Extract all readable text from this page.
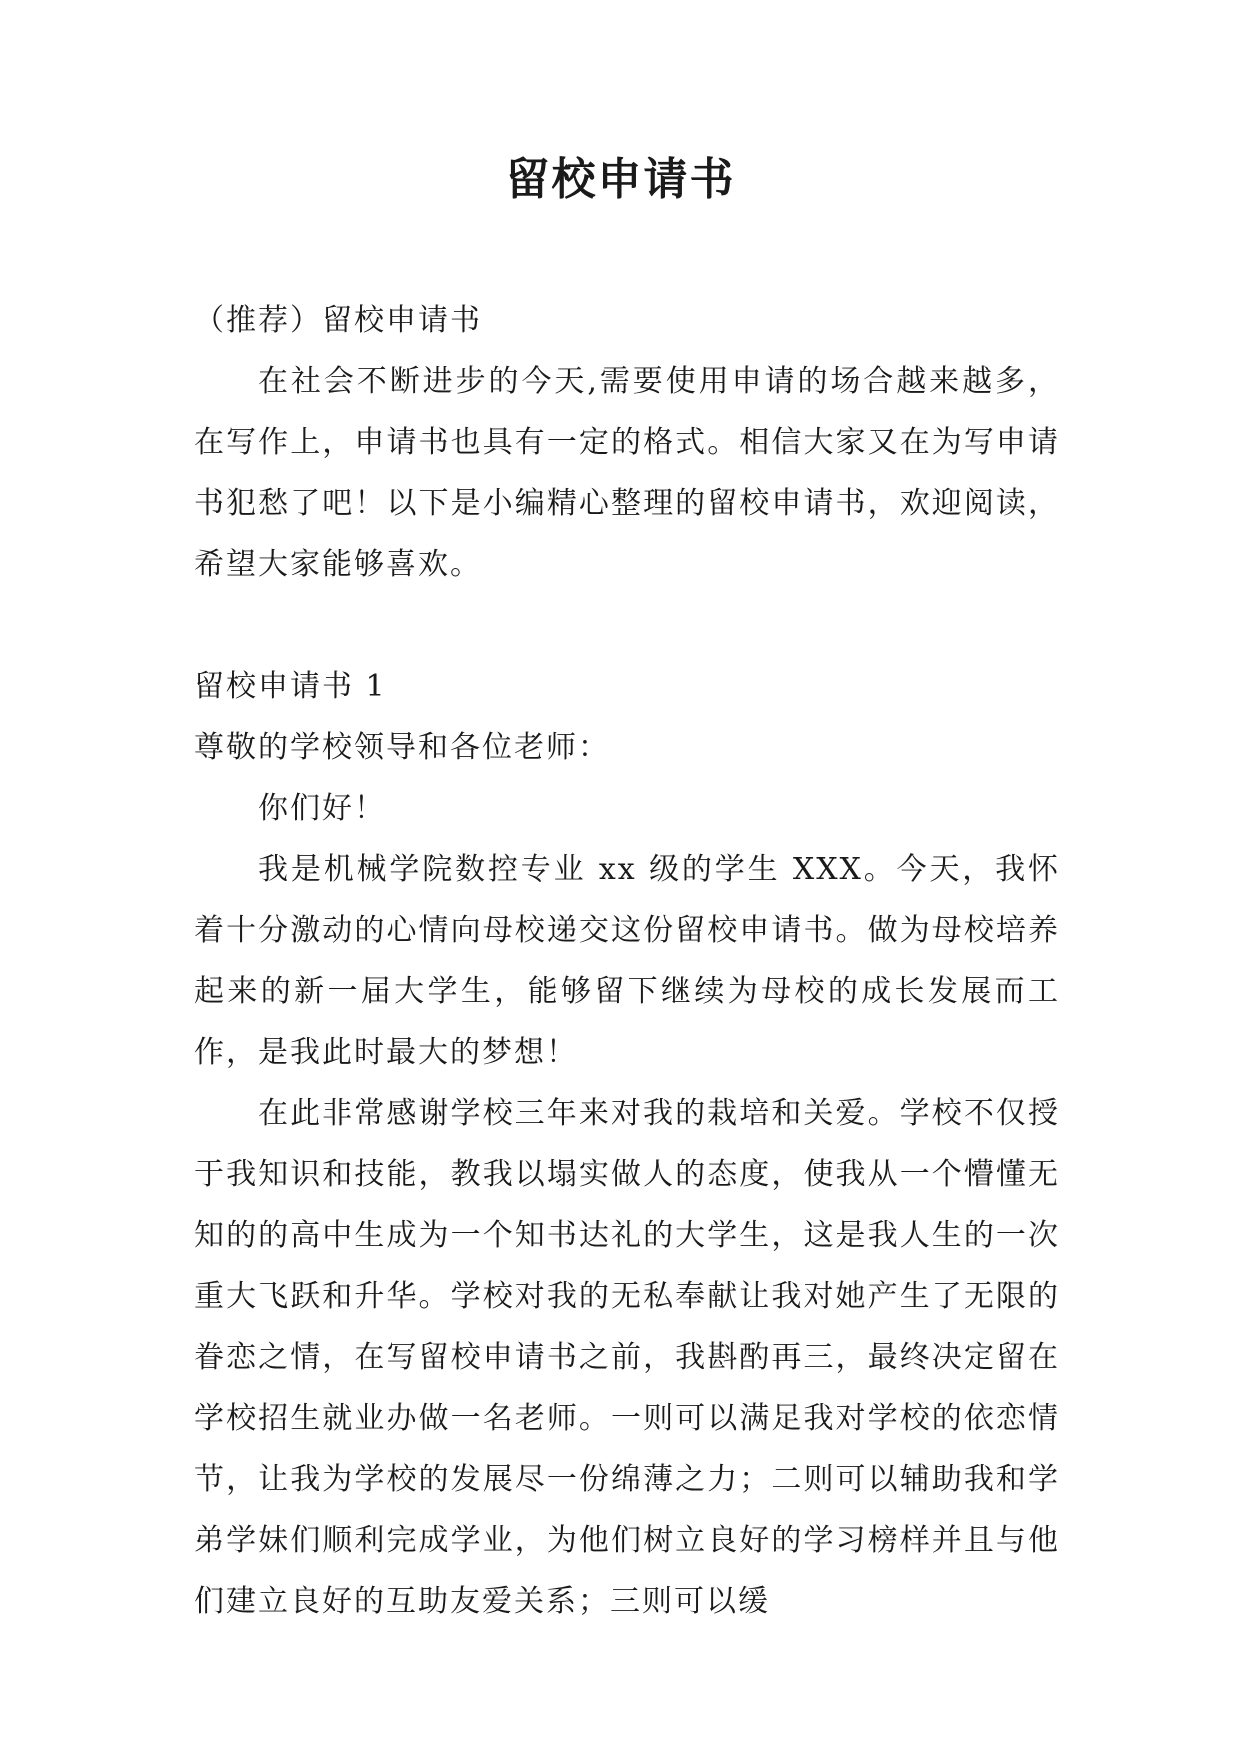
留校申请书

（推荐）留校申请书

在社会不断进步的今天,需要使用申请的场合越来越多，在写作上，申请书也具有一定的格式。相信大家又在为写申请书犯愁了吧！以下是小编精心整理的留校申请书，欢迎阅读，希望大家能够喜欢。

留校申请书 1

尊敬的学校领导和各位老师：

你们好！

我是机械学院数控专业 xx 级的学生 XXX。今天，我怀着十分激动的心情向母校递交这份留校申请书。做为母校培养起来的新一届大学生，能够留下继续为母校的成长发展而工作，是我此时最大的梦想！

在此非常感谢学校三年来对我的栽培和关爱。学校不仅授于我知识和技能，教我以塌实做人的态度，使我从一个懵懂无知的的高中生成为一个知书达礼的大学生，这是我人生的一次重大飞跃和升华。学校对我的无私奉献让我对她产生了无限的眷恋之情，在写留校申请书之前，我斟酌再三，最终决定留在学校招生就业办做一名老师。一则可以满足我对学校的依恋情节，让我为学校的发展尽一份绵薄之力；二则可以辅助我和学弟学妹们顺利完成学业，为他们树立良好的学习榜样并且与他们建立良好的互助友爱关系；三则可以缓
